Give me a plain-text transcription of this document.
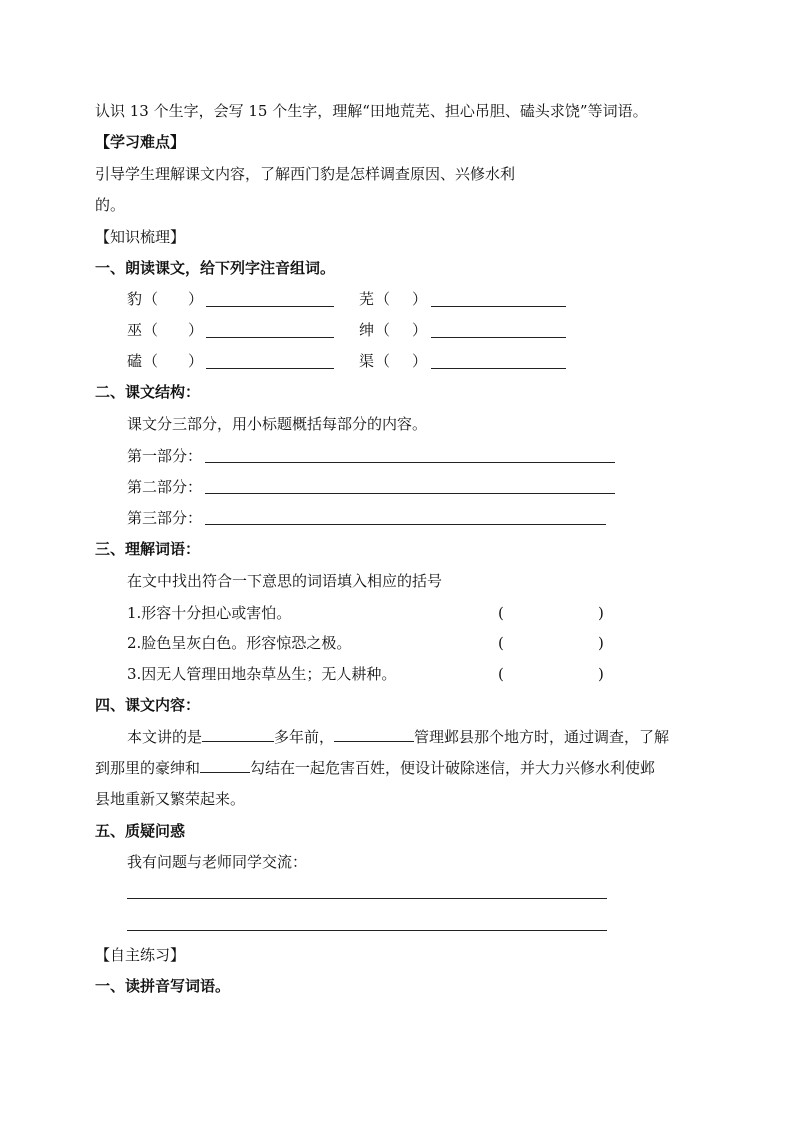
认识 13 个生字，会写 15 个生字，理解“田地荒芜、担心吊胆、磕头求饶”等词语。
【学习难点】
引导学生理解课文内容，了解西门豹是怎样调查原因、兴修水利
的。
【知识梳理】
一、朗读课文，给下列字注音组词。
豹 （ ）	芜 （ ）
巫 （ ）	绅 （ ）
磕 （ ）	渠 （ ）
二、课文结构：
课文分三部分，用小标题概括每部分的内容。
第一部分：
第二部分：
第三部分：
三、理解词语：
在文中找出符合一下意思的词语填入相应的括号
1.形容十分担心或害怕。	(	)
2.脸色呈灰白色。形容惊恐之极。	(	)
3.因无人管理田地杂草丛生；无人耕种。	(	)
四、课文内容：
本文讲的是	多年前，	管理邺县那个地方时，通过调查，了解
到那里的豪绅和	勾结在一起危害百姓，便设计破除迷信，并大力兴修水利使邺
县地重新又繁荣起来。
五、质疑问惑
我有问题与老师同学交流：
【自主练习】
一、读拼音写词语。
